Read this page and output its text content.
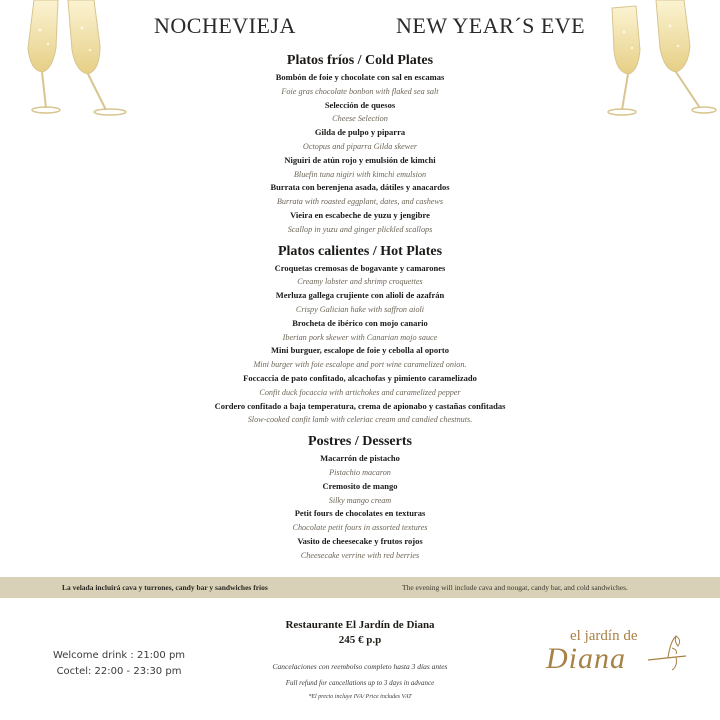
NOCHEVIEJA	NEW YEAR´S EVE
Platos fríos / Cold Plates
Bombón de foie y chocolate con sal en escamas
Foie gras chocolate bonbon with flaked sea salt
Selección de quesos
Cheese Selection
Gilda de pulpo y piparra
Octopus and piparra Gilda skewer
Niguiri de atún rojo y emulsión de kimchi
Bluefin tuna nigiri with kimchi emulsion
Burrata con berenjena asada, dátiles y anacardos
Burrata with roasted eggplant, dates, and cashews
Vieira en escabeche de yuzu y jengibre
Scallop in yuzu and ginger plickled scallops
Platos calientes / Hot Plates
Croquetas cremosas de bogavante y camarones
Creamy lobster and shrimp croquettes
Merluza gallega crujiente con alioli de azafrán
Crispy Galician hake with saffron aioli
Brocheta de ibérico con mojo canario
Iberian pork skewer with Canarian mojo sauce
Mini burguer, escalope de foie y cebolla al oporto
Mini burger with foie escalope and port wine caramelized onion.
Foccaccia de pato confitado, alcachofas y pimiento caramelizado
Confit duck focaccia with artichokes and caramelized pepper
Cordero confitado a baja temperatura, crema de apionabo y castañas confitadas
Slow-cooked confit lamb with celeriac cream and candied chestnuts.
Postres / Desserts
Macarrón de pistacho
Pistachio macaron
Cremosito de mango
Silky mango cream
Petit fours de chocolates en texturas
Chocolate petit fours in assorted textures
Vasito de cheesecake y frutos rojos
Cheesecake verrine with red berries
La velada incluirá cava y turrones, candy bar y sandwiches fríos	The evening will include cava and nougat, candy bar, and cold sandwiches.
Welcome drink : 21:00 pm
Coctel: 22:00 - 23:30 pm
Restaurante El Jardín de Diana
245 € p.p
Cancelaciones con reembolso completo hasta 3 días antes
Full refund for cancellations up to 3 days in advance
*El precio incluye IVA/ Price includes VAT
el jardín de
Diana
